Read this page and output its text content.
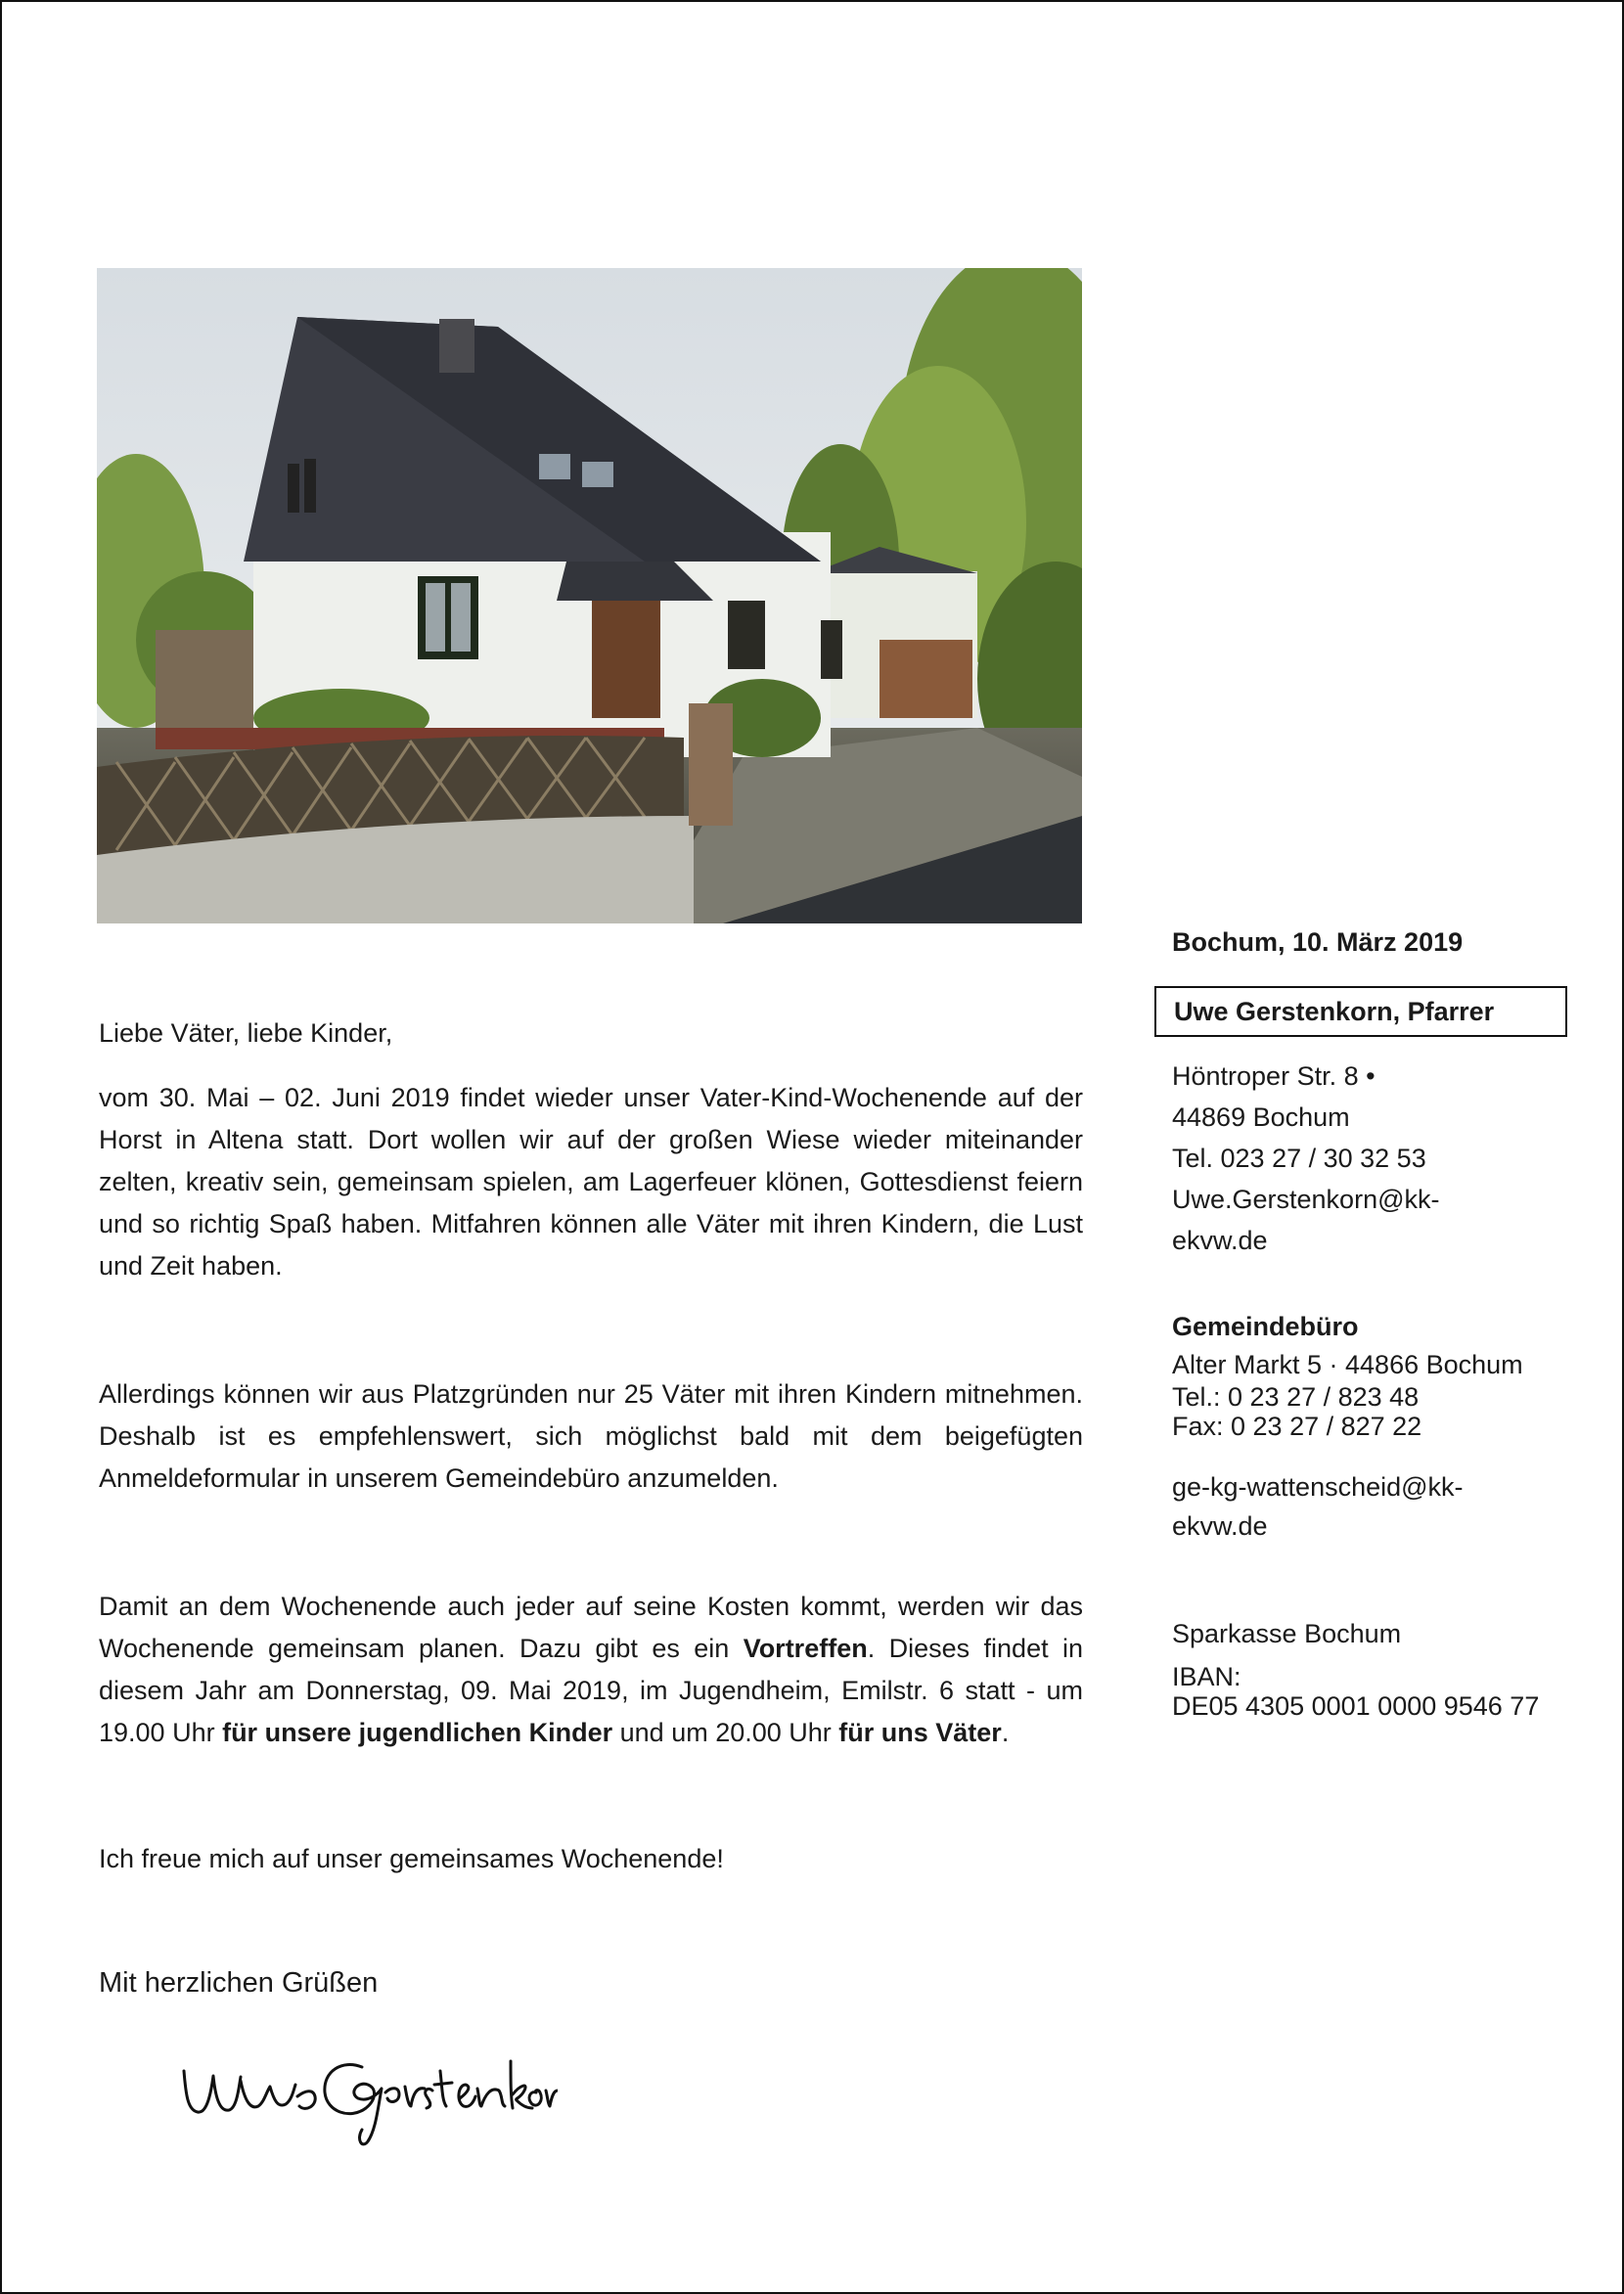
Bochum, 10. März 2019
Uwe Gerstenkorn, Pfarrer
Höntroper Str. 8 •
44869 Bochum
Tel. 023 27 / 30 32 53
Uwe.Gerstenkorn@kk-
ekvw.de
Gemeindebüro
Alter Markt 5 · 44866 Bochum
Tel.: 0 23 27 / 823 48
Fax: 0 23 27 / 827 22
ge-kg-wattenscheid@kk-
ekvw.de
Sparkasse Bochum
IBAN:
DE05 4305 0001 0000 9546 77
Liebe Väter, liebe Kinder,
vom 30. Mai – 02. Juni 2019 findet wieder unser Vater-Kind-Wochenende auf der Horst in Altena statt. Dort wollen wir auf der großen Wiese wieder miteinander zelten, kreativ sein, gemeinsam spielen, am Lagerfeuer klönen, Gottesdienst feiern und so richtig Spaß haben. Mitfahren können alle Väter mit ihren Kindern, die Lust und Zeit haben.
Allerdings können wir aus Platzgründen nur 25 Väter mit ihren Kindern mitnehmen. Deshalb ist es empfehlenswert, sich möglichst bald mit dem beigefügten Anmeldeformular in unserem Gemeindebüro anzumelden.
Damit an dem Wochenende auch jeder auf seine Kosten kommt, werden wir das Wochenende gemeinsam planen. Dazu gibt es ein Vortreffen. Dieses findet in diesem Jahr am Donnerstag, 09. Mai 2019, im Jugendheim, Emilstr. 6 statt - um 19.00 Uhr für unsere jugendlichen Kinder und um 20.00 Uhr für uns Väter.
Ich freue mich auf unser gemeinsames Wochenende!
Mit herzlichen Grüßen
